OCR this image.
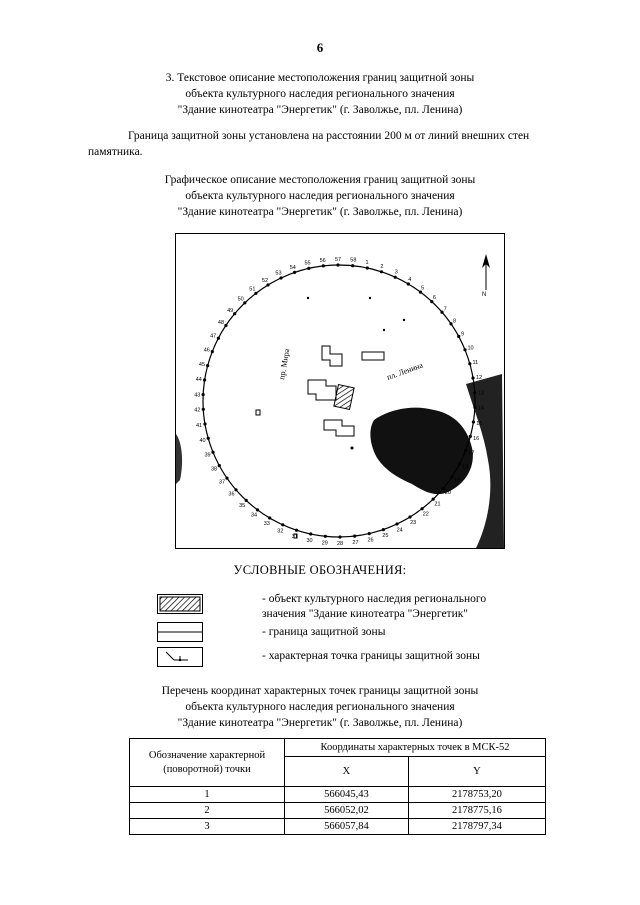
6
3. Текстовое описание местоположения границ защитной зоны
объекта культурного наследия регионального значения
"Здание кинотеатра "Энергетик" (г. Заволжье, пл. Ленина)
Граница защитной зоны установлена на расстоянии 200 м от линий внешних стен
памятника.
Графическое описание местоположения границ защитной зоны
объекта культурного наследия регионального значения
"Здание кинотеатра "Энергетик" (г. Заволжье, пл. Ленина)
пр. Мира	пл. Ленина
N
1
2
3
4
5
6
7
8
9
10
11
12
13
14
15
16
17
18
19
20
21
22
23
24
25
26
27
28
29
30
31
32
33
34
35
36
37
38
39
40
41
42
43
44
45
46
47
48
49
50
51
52
53
54
55 56 57 58
УСЛОВНЫЕ ОБОЗНАЧЕНИЯ:
- объект культурного наследия регионального
значения "Здание кинотеатра "Энергетик"
- граница защитной зоны
- характерная точка границы защитной зоны
Перечень координат характерных точек границы защитной зоны
объекта культурного наследия регионального значения
"Здание кинотеатра "Энергетик" (г. Заволжье, пл. Ленина)
Обозначение характерной (поворотной) точки	Координаты характерных точек в МСК-52	
	X	Y
1	566045,43	2178753,20
2	566052,02	2178775,16
3	566057,84	2178797,34
